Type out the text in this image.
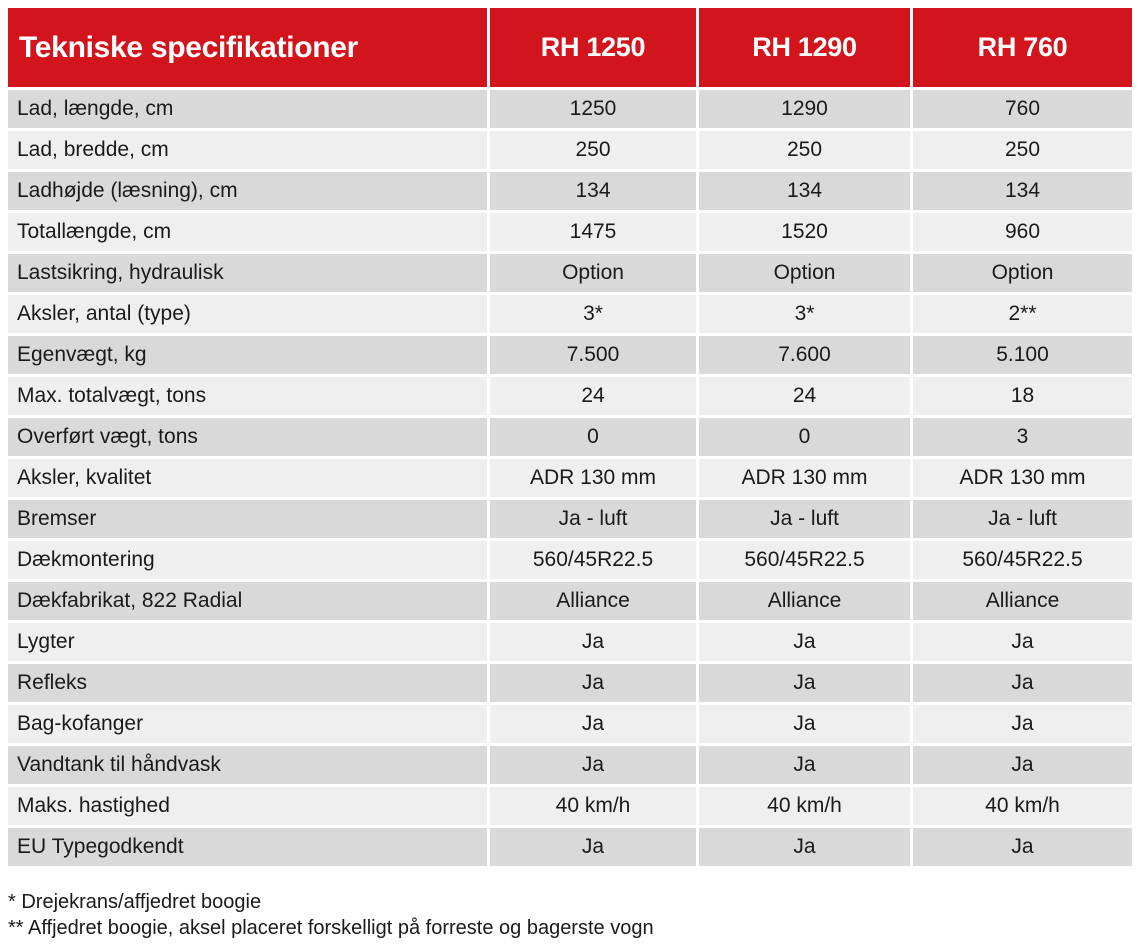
Tekniske specifikationer	RH 1250	RH 1290	RH 760
Lad, længde, cm	1250	1290	760
Lad, bredde, cm	250	250	250
Ladhøjde (læsning), cm	134	134	134
Totallængde, cm	1475	1520	960
Lastsikring, hydraulisk	Option	Option	Option
Aksler, antal (type)	3*	3*	2**
Egenvægt, kg	7.500	7.600	5.100
Max. totalvægt, tons	24	24	18
Overført vægt, tons	0	0	3
Aksler, kvalitet	ADR 130 mm	ADR 130 mm	ADR 130 mm
Bremser	Ja - luft	Ja - luft	Ja - luft
Dækmontering	560/45R22.5	560/45R22.5	560/45R22.5
Dækfabrikat, 822 Radial	Alliance	Alliance	Alliance
Lygter	Ja	Ja	Ja
Refleks	Ja	Ja	Ja
Bag-kofanger	Ja	Ja	Ja
Vandtank til håndvask	Ja	Ja	Ja
Maks. hastighed	40 km/h	40 km/h	40 km/h
EU Typegodkendt	Ja	Ja	Ja
* Drejekrans/affjedret boogie
** Affjedret boogie, aksel placeret forskelligt på forreste og bagerste vogn
